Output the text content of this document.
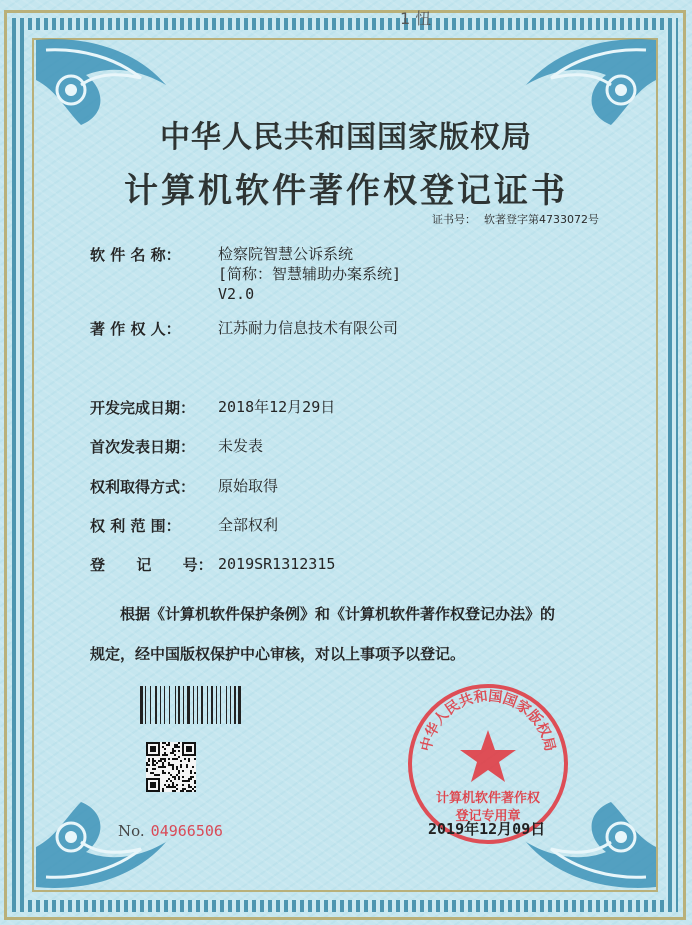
1 忸
中华人民共和国国家版权局
计算机软件著作权登记证书
证书号： 软著登字第4733072号
软 件 名 称：	检察院智慧公诉系统
[简称：智慧辅助办案系统]
V2.0
著 作 权 人：	江苏耐力信息技术有限公司
开发完成日期：	2018年12月29日
首次发表日期：	未发表
权利取得方式：	原始取得
权 利 范 围：	全部权利
登      记      号： 2019SR1312315
　　根据《计算机软件保护条例》和《计算机软件著作权登记办法》的
规定，经中国版权保护中心审核，对以上事项予以登记。
No. 04966506
中华人民共和国国家版权局
计算机软件著作权
登记专用章
2019年12月09日
